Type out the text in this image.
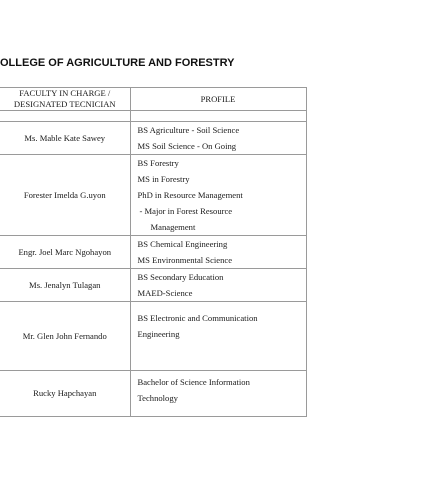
OLLEGE OF AGRICULTURE AND FORESTRY
FACULTY IN CHARGE /
DESIGNATED TECNICIAN	PROFILE

Ms. Mable Kate Sawey	BS Agriculture - Soil Science
MS Soil Science - On Going

Forester Imelda G.uyon	BS Forestry
MS in Forestry
PhD in Resource Management
- Major in Forest Resource
Management

Engr. Joel Marc Ngohayon	BS Chemical Engineering
MS Environmental Science

Ms. Jenalyn Tulagan	BS Secondary Education
MAED-Science

Mr. Glen John Fernando	BS Electronic and Communication
Engineering

Rucky Hapchayan	Bachelor of Science Information
Technology
